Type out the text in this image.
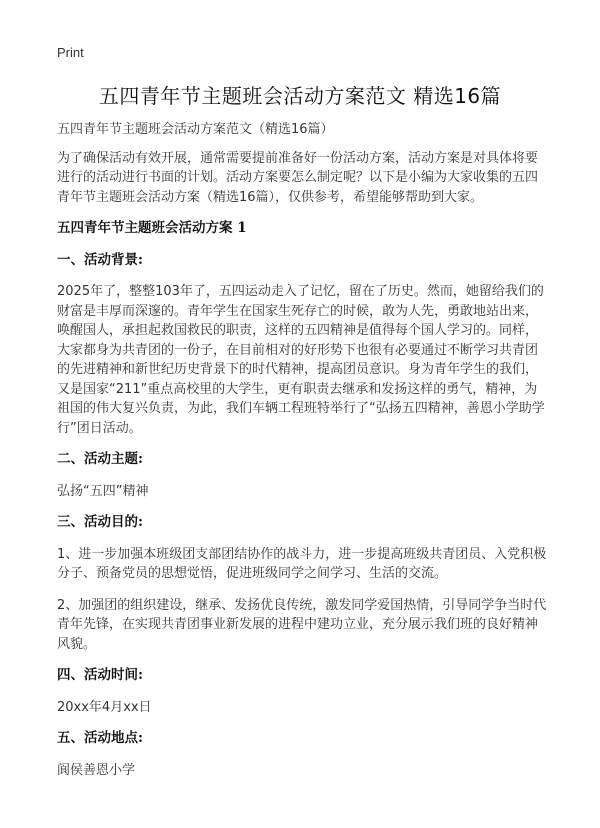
Print
五四青年节主题班会活动方案范文 精选16篇

五四青年节主题班会活动方案范文（精选16篇）

为了确保活动有效开展，通常需要提前准备好一份活动方案，活动方案是对具体将要进行的活动进行书面的计划。活动方案要怎么制定呢？以下是小编为大家收集的五四青年节主题班会活动方案（精选16篇），仅供参考，希望能够帮助到大家。

五四青年节主题班会活动方案 1

一、活动背景:

2025年了，整整103年了，五四运动走入了记忆，留在了历史。然而，她留给我们的财富是丰厚而深邃的。青年学生在国家生死存亡的时候，敢为人先，勇敢地站出来，唤醒国人，承担起救国救民的职责，这样的五四精神是值得每个国人学习的。同样，大家都身为共青团的一份子，在目前相对的好形势下也很有必要通过不断学习共青团的先进精神和新世纪历史背景下的时代精神，提高团员意识。身为青年学生的我们，又是国家“211”重点高校里的大学生，更有职责去继承和发扬这样的勇气，精神，为祖国的伟大复兴负责，为此，我们车辆工程班特举行了“弘扬五四精神，善恩小学助学行”团日活动。

二、活动主题:

弘扬“五四”精神

三、活动目的:

1、进一步加强本班级团支部团结协作的战斗力，进一步提高班级共青团员、入党积极分子、预备党员的思想觉悟，促进班级同学之间学习、生活的交流。

2、加强团的组织建设，继承、发扬优良传统，激发同学爱国热情，引导同学争当时代青年先锋，在实现共青团事业新发展的进程中建功立业，充分展示我们班的良好精神风貌。

四、活动时间:

20xx年4月xx日

五、活动地点:

阆侯善恩小学
